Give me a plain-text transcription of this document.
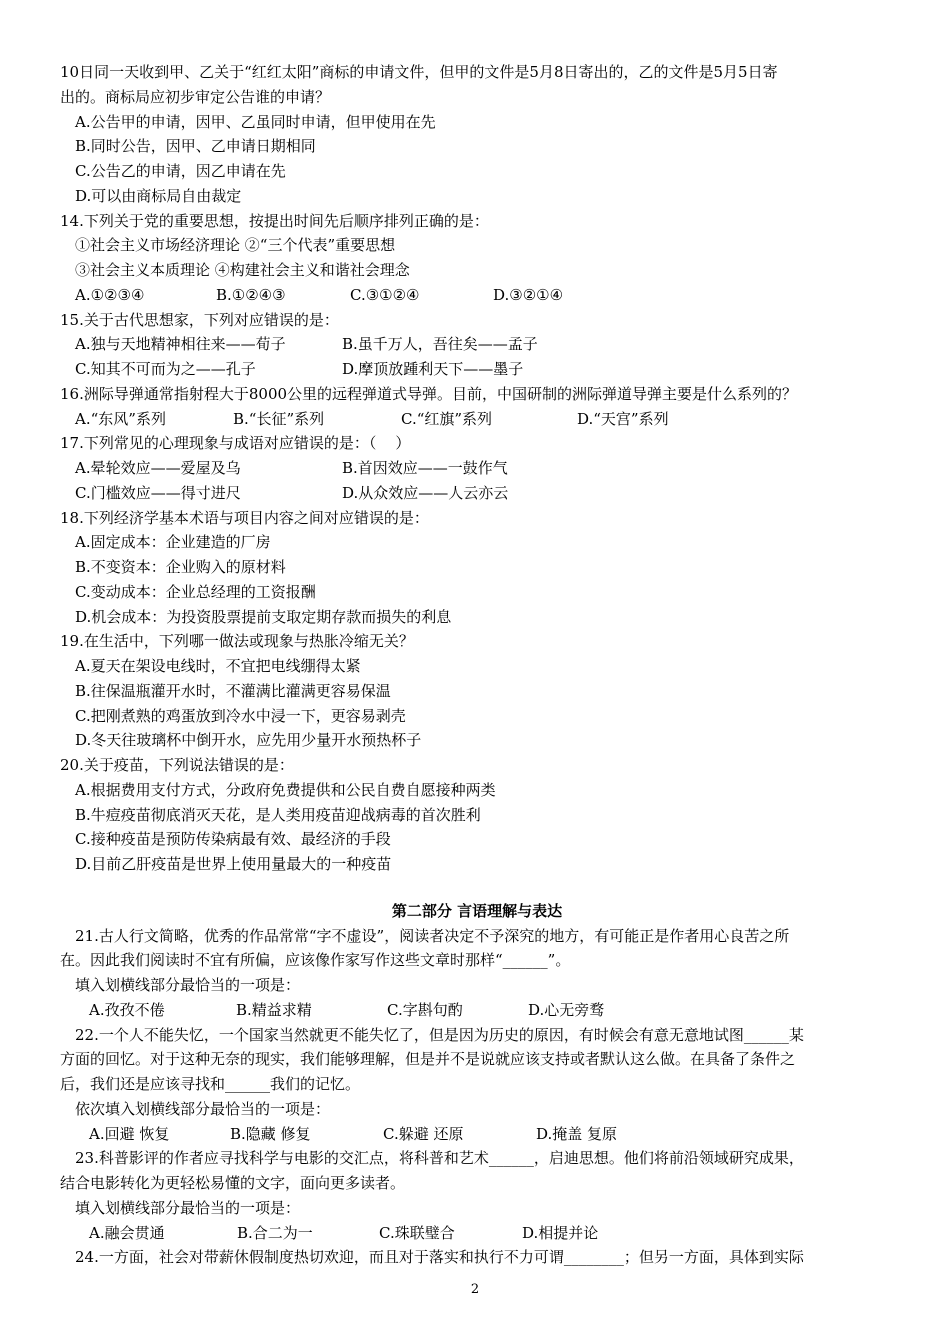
10日同一天收到甲、乙关于“红红太阳”商标的申请文件，但甲的文件是5月8日寄出的，乙的文件是5月5日寄
出的。商标局应初步审定公告谁的申请？
A.公告甲的申请，因甲、乙虽同时申请，但甲使用在先
B.同时公告，因甲、乙申请日期相同
C.公告乙的申请，因乙申请在先
D.可以由商标局自由裁定
14.下列关于党的重要思想，按提出时间先后顺序排列正确的是：
①社会主义市场经济理论 ②“三个代表”重要思想
③社会主义本质理论 ④构建社会主义和谐社会理念
A.①②③④	B.①②④③	C.③①②④	D.③②①④
15.关于古代思想家，下列对应错误的是：
A.独与天地精神相往来——荀子	B.虽千万人，吾往矣——孟子
C.知其不可而为之——孔子	D.摩顶放踵利天下——墨子
16.洲际导弹通常指射程大于8000公里的远程弹道式导弹。目前，中国研制的洲际弹道导弹主要是什么系列的？
A.“东风”系列	B.“长征”系列	C.“红旗”系列	D.“天宫”系列
17.下列常见的心理现象与成语对应错误的是：（    ）
A.晕轮效应——爱屋及乌	B.首因效应——一鼓作气
C.门槛效应——得寸进尺	D.从众效应——人云亦云
18.下列经济学基本术语与项目内容之间对应错误的是：
A.固定成本：企业建造的厂房
B.不变资本：企业购入的原材料
C.变动成本：企业总经理的工资报酬
D.机会成本：为投资股票提前支取定期存款而损失的利息
19.在生活中，下列哪一做法或现象与热胀冷缩无关？
A.夏天在架设电线时，不宜把电线绷得太紧
B.往保温瓶灌开水时，不灌满比灌满更容易保温
C.把刚煮熟的鸡蛋放到冷水中浸一下，更容易剥壳
D.冬天往玻璃杯中倒开水，应先用少量开水预热杯子
20.关于疫苗，下列说法错误的是：
A.根据费用支付方式，分政府免费提供和公民自费自愿接种两类
B.牛痘疫苗彻底消灭天花，是人类用疫苗迎战病毒的首次胜利
C.接种疫苗是预防传染病最有效、最经济的手段
D.目前乙肝疫苗是世界上使用量最大的一种疫苗
第二部分 言语理解与表达
21.古人行文简略，优秀的作品常常“字不虚设”，阅读者决定不予深究的地方，有可能正是作者用心良苦之所
在。因此我们阅读时不宜有所偏，应该像作家写作这些文章时那样“______”。
填入划横线部分最恰当的一项是：
A.孜孜不倦	B.精益求精	C.字斟句酌	D.心无旁骛
22.一个人不能失忆，一个国家当然就更不能失忆了，但是因为历史的原因，有时候会有意无意地试图______某
方面的回忆。对于这种无奈的现实，我们能够理解，但是并不是说就应该支持或者默认这么做。在具备了条件之
后，我们还是应该寻找和______我们的记忆。
依次填入划横线部分最恰当的一项是：
A.回避 恢复	B.隐藏 修复	C.躲避 还原	D.掩盖 复原
23.科普影评的作者应寻找科学与电影的交汇点，将科普和艺术______，启迪思想。他们将前沿领域研究成果，
结合电影转化为更轻松易懂的文字，面向更多读者。
填入划横线部分最恰当的一项是：
A.融会贯通	B.合二为一	C.珠联璧合	D.相提并论
24.一方面，社会对带薪休假制度热切欢迎，而且对于落实和执行不力可谓________；但另一方面，具体到实际
2
